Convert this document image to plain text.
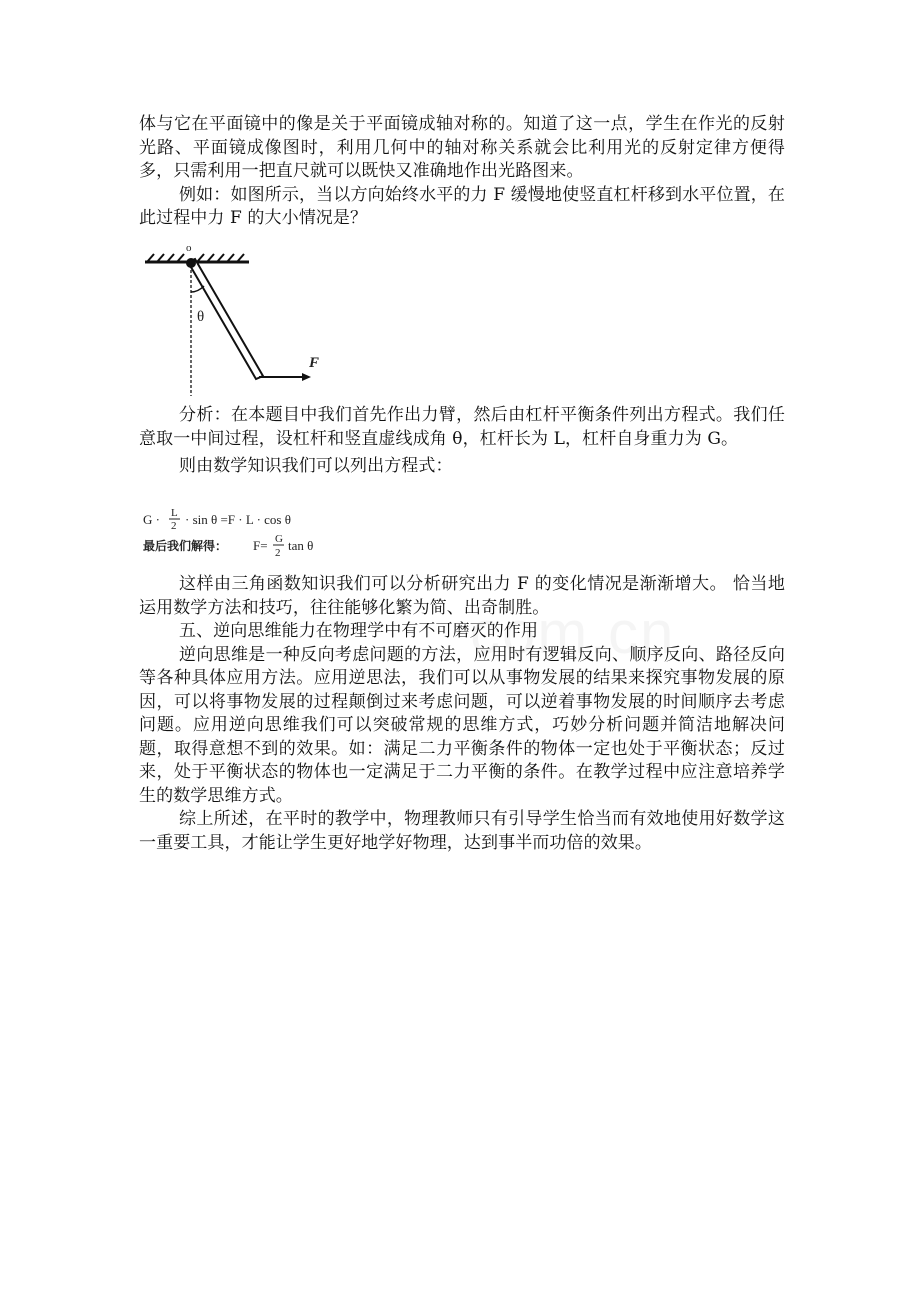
体与它在平面镜中的像是关于平面镜成轴对称的。知道了这一点，学生在作光的反射光路、平面镜成像图时，利用几何中的轴对称关系就会比利用光的反射定律方便得多，只需利用一把直尺就可以既快又准确地作出光路图来。

例如：如图所示，当以方向始终水平的力 F 缓慢地使竖直杠杆移到水平位置，在此过程中力 F 的大小情况是？

o
θ
F

分析：在本题目中我们首先作出力臂，然后由杠杆平衡条件列出方程式。我们任意取一中间过程，设杠杆和竖直虚线成角 θ，杠杆长为 L，杠杆自身重力为 G。

则由数学知识我们可以列出方程式：

G · L
2 · sin θ =F · L · cos θ
最后我们解得： F= G
2 tan θ

这样由三角函数知识我们可以分析研究出力 F 的变化情况是渐渐增大。 恰当地运用数学方法和技巧，往往能够化繁为简、出奇制胜。

五、逆向思维能力在物理学中有不可磨灭的作用

逆向思维是一种反向考虑问题的方法，应用时有逻辑反向、顺序反向、路径反向等各种具体应用方法。应用逆思法，我们可以从事物发展的结果来探究事物发展的原因，可以将事物发展的过程颠倒过来考虑问题，可以逆着事物发展的时间顺序去考虑问题。应用逆向思维我们可以突破常规的思维方式，巧妙分析问题并简洁地解决问题，取得意想不到的效果。如：满足二力平衡条件的物体一定也处于平衡状态；反过来，处于平衡状态的物体也一定满足于二力平衡的条件。在教学过程中应注意培养学生的数学思维方式。

综上所述，在平时的教学中，物理教师只有引导学生恰当而有效地使用好数学这一重要工具，才能让学生更好地学好物理，达到事半而功倍的效果。
